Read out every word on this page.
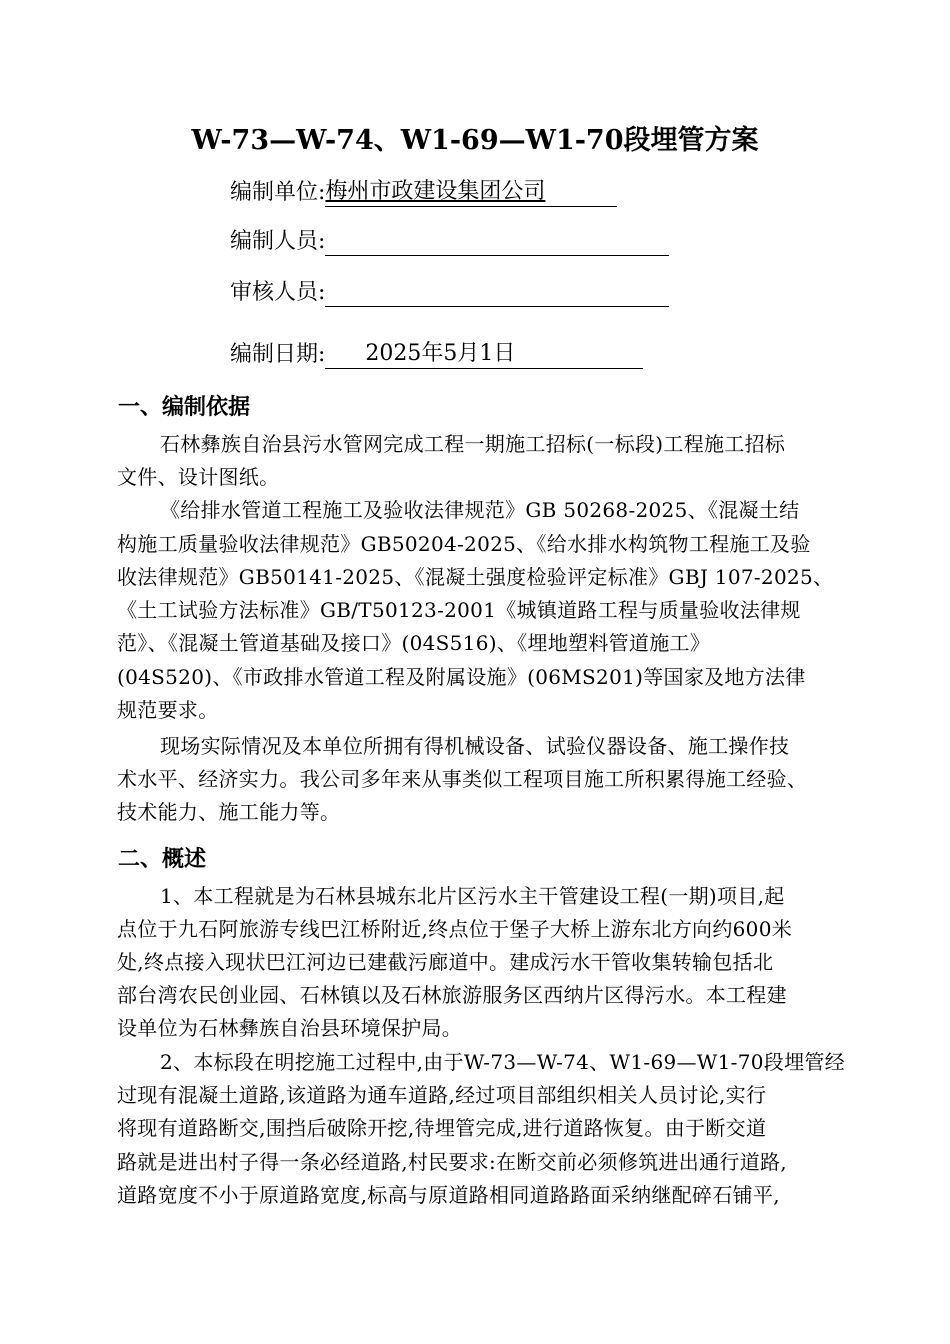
W-73—W-74、W1-69—W1-70段埋管方案
编制单位:梅州市政建设集团公司
编制人员:
审核人员:
编制日期: 2025年5月1日
一、编制依据
石林彝族自治县污水管网完成工程一期施工招标(一标段)工程施工招标
文件、设计图纸。
《给排水管道工程施工及验收法律规范》GB 50268-2025、《混凝土结
构施工质量验收法律规范》GB50204-2025、《给水排水构筑物工程施工及验
收法律规范》GB50141-2025、《混凝土强度检验评定标准》GBJ 107-2025、
《土工试验方法标准》GB/T50123-2001《城镇道路工程与质量验收法律规
范》、《混凝土管道基础及接口》(04S516)、《埋地塑料管道施工》
(04S520)、《市政排水管道工程及附属设施》(06MS201)等国家及地方法律
规范要求。
现场实际情况及本单位所拥有得机械设备、试验仪器设备、施工操作技
术水平、经济实力。我公司多年来从事类似工程项目施工所积累得施工经验、
技术能力、施工能力等。
二、概述
1、本工程就是为石林县城东北片区污水主干管建设工程(一期)项目,起
点位于九石阿旅游专线巴江桥附近,终点位于堡子大桥上游东北方向约600米
处,终点接入现状巴江河边已建截污廊道中。建成污水干管收集转输包括北
部台湾农民创业园、石林镇以及石林旅游服务区西纳片区得污水。本工程建
设单位为石林彝族自治县环境保护局。
2、本标段在明挖施工过程中,由于W-73—W-74、W1-69—W1-70段埋管经
过现有混凝土道路,该道路为通车道路,经过项目部组织相关人员讨论,实行
将现有道路断交,围挡后破除开挖,待埋管完成,进行道路恢复。由于断交道
路就是进出村子得一条必经道路,村民要求:在断交前必须修筑进出通行道路,
道路宽度不小于原道路宽度,标高与原道路相同道路路面采纳继配碎石铺平,
